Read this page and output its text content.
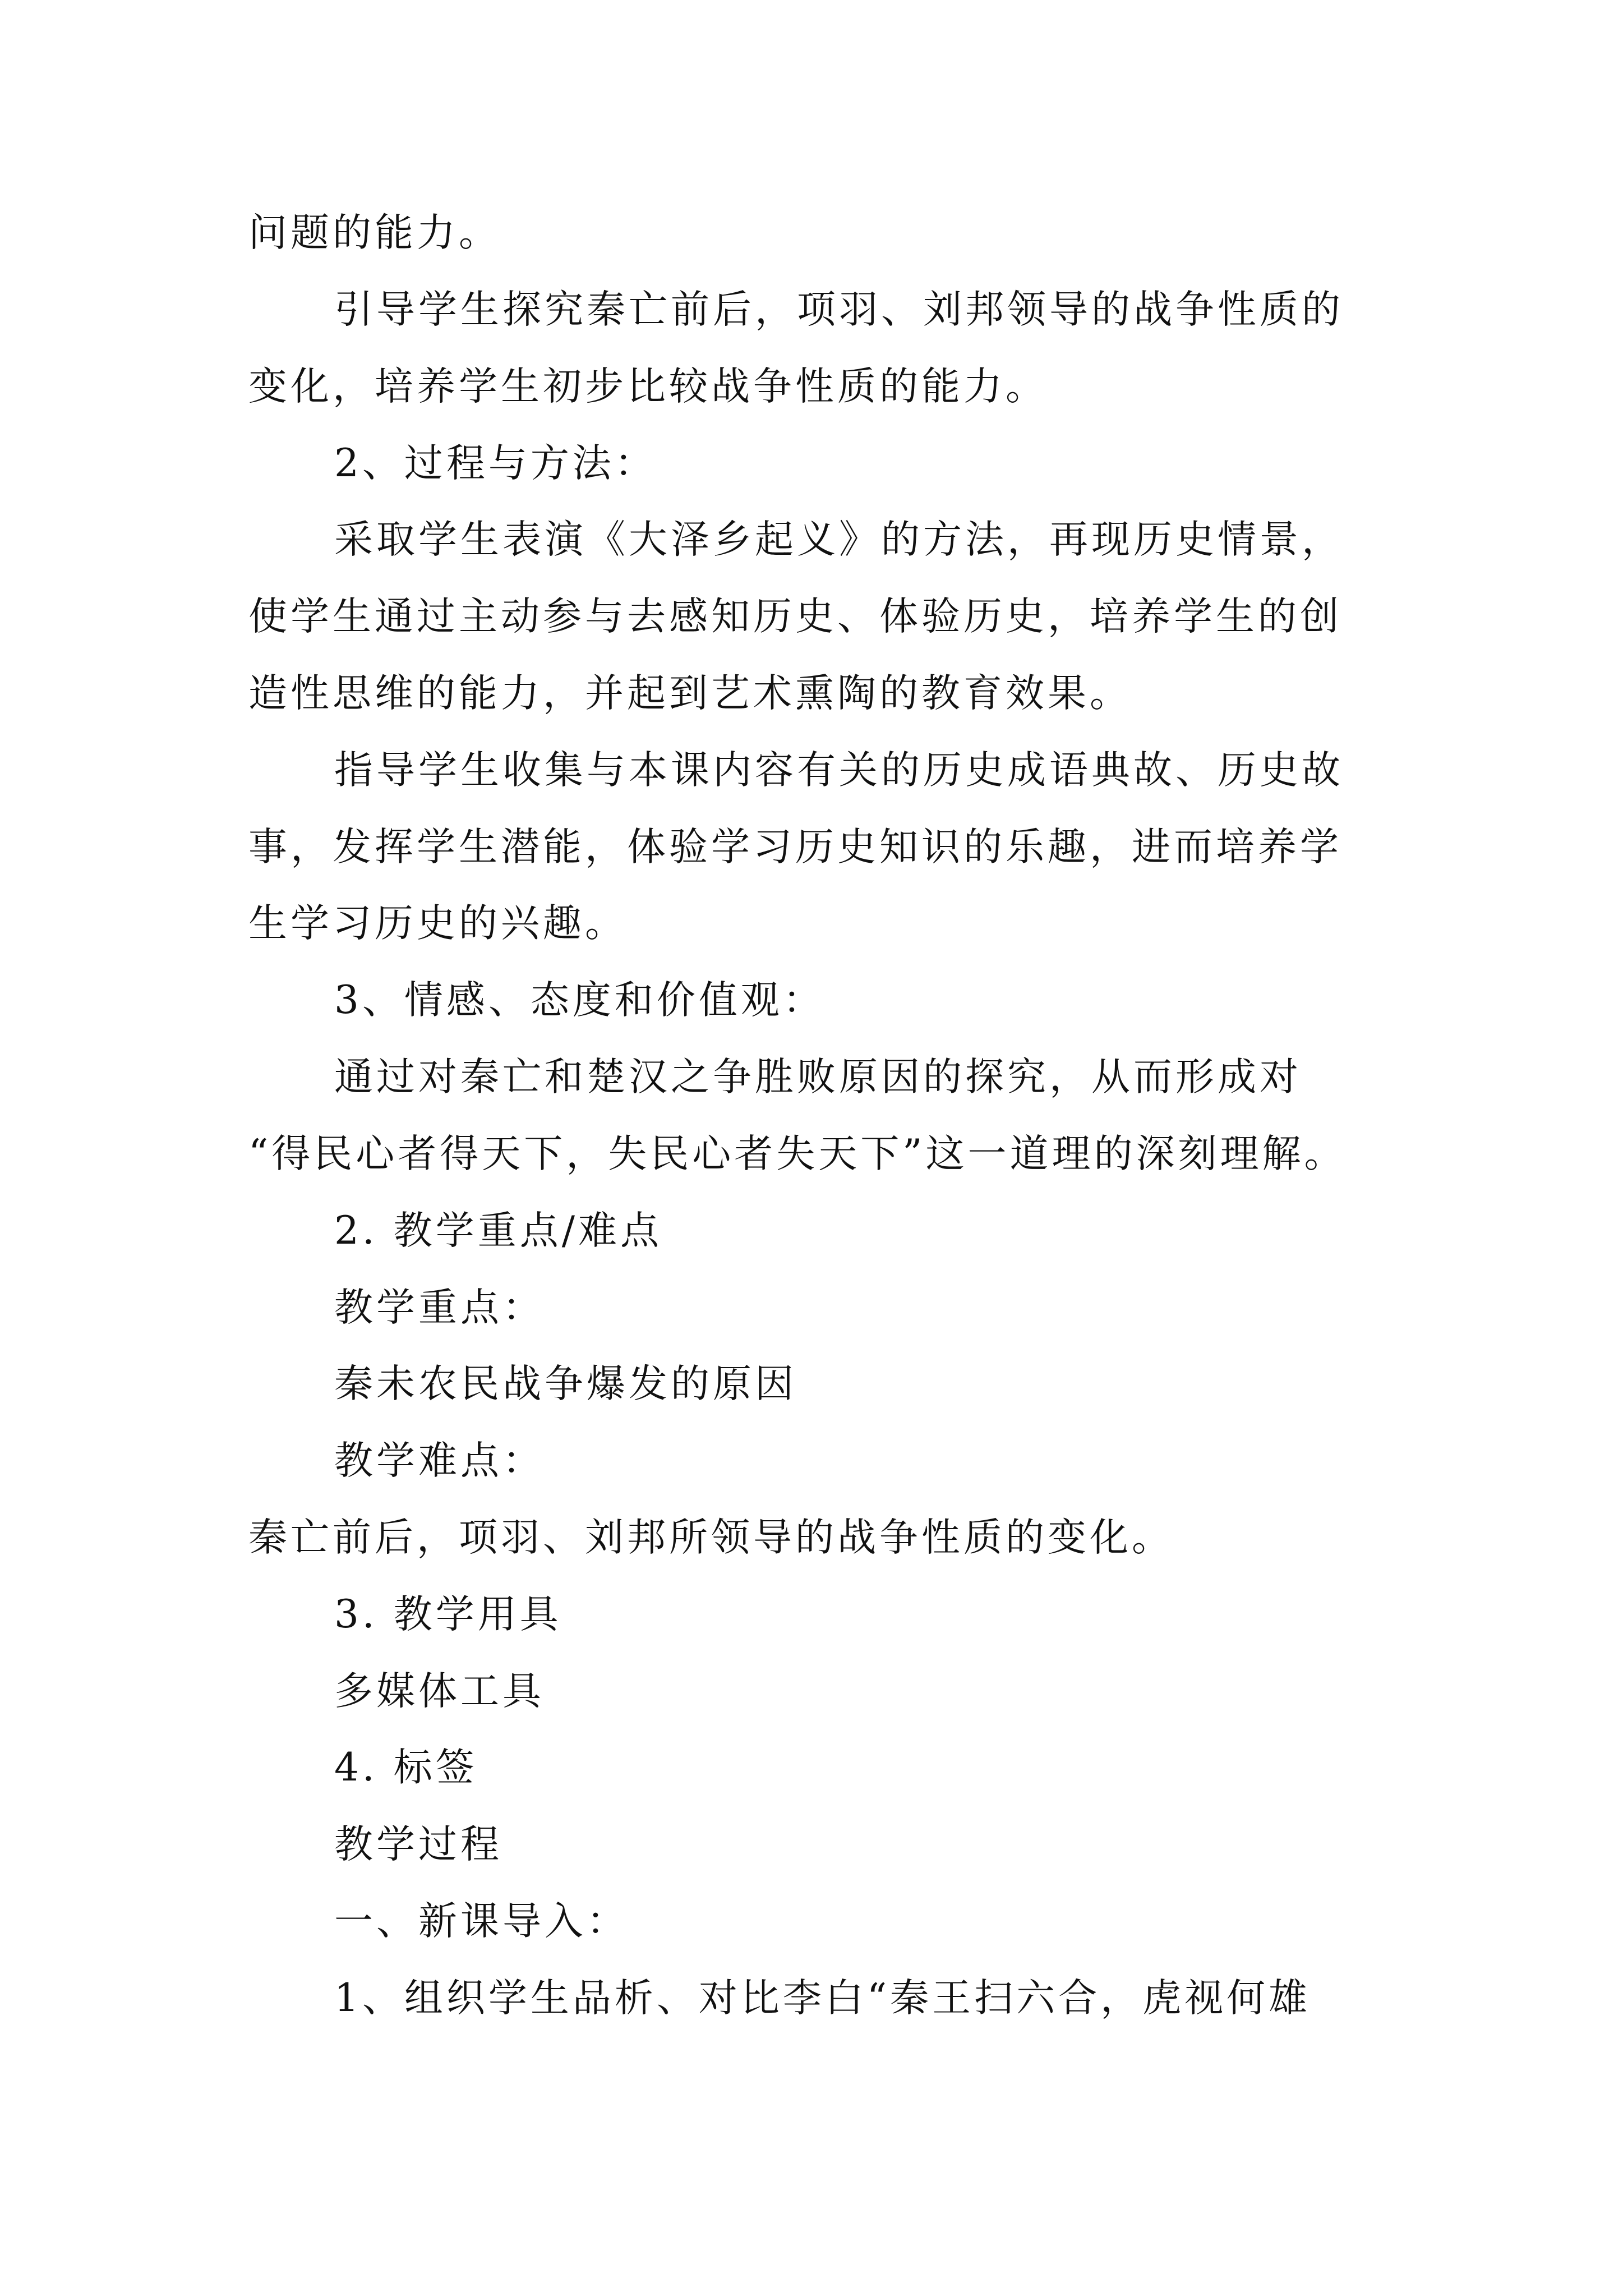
问题的能力。
引导学生探究秦亡前后，项羽、刘邦领导的战争性质的
变化，培养学生初步比较战争性质的能力。
2、过程与方法：
采取学生表演《大泽乡起义》的方法，再现历史情景，
使学生通过主动参与去感知历史、体验历史，培养学生的创
造性思维的能力，并起到艺术熏陶的教育效果。
指导学生收集与本课内容有关的历史成语典故、历史故
事，发挥学生潜能，体验学习历史知识的乐趣，进而培养学
生学习历史的兴趣。
3、情感、态度和价值观：
通过对秦亡和楚汉之争胜败原因的探究，从而形成对
“得民心者得天下，失民心者失天下”这一道理的深刻理解。
2. 教学重点/难点
教学重点：
秦未农民战争爆发的原因
教学难点：
秦亡前后，项羽、刘邦所领导的战争性质的变化。
3. 教学用具
多媒体工具
4. 标签
教学过程
一、新课导入：
1、组织学生品析、对比李白“秦王扫六合，虎视何雄
